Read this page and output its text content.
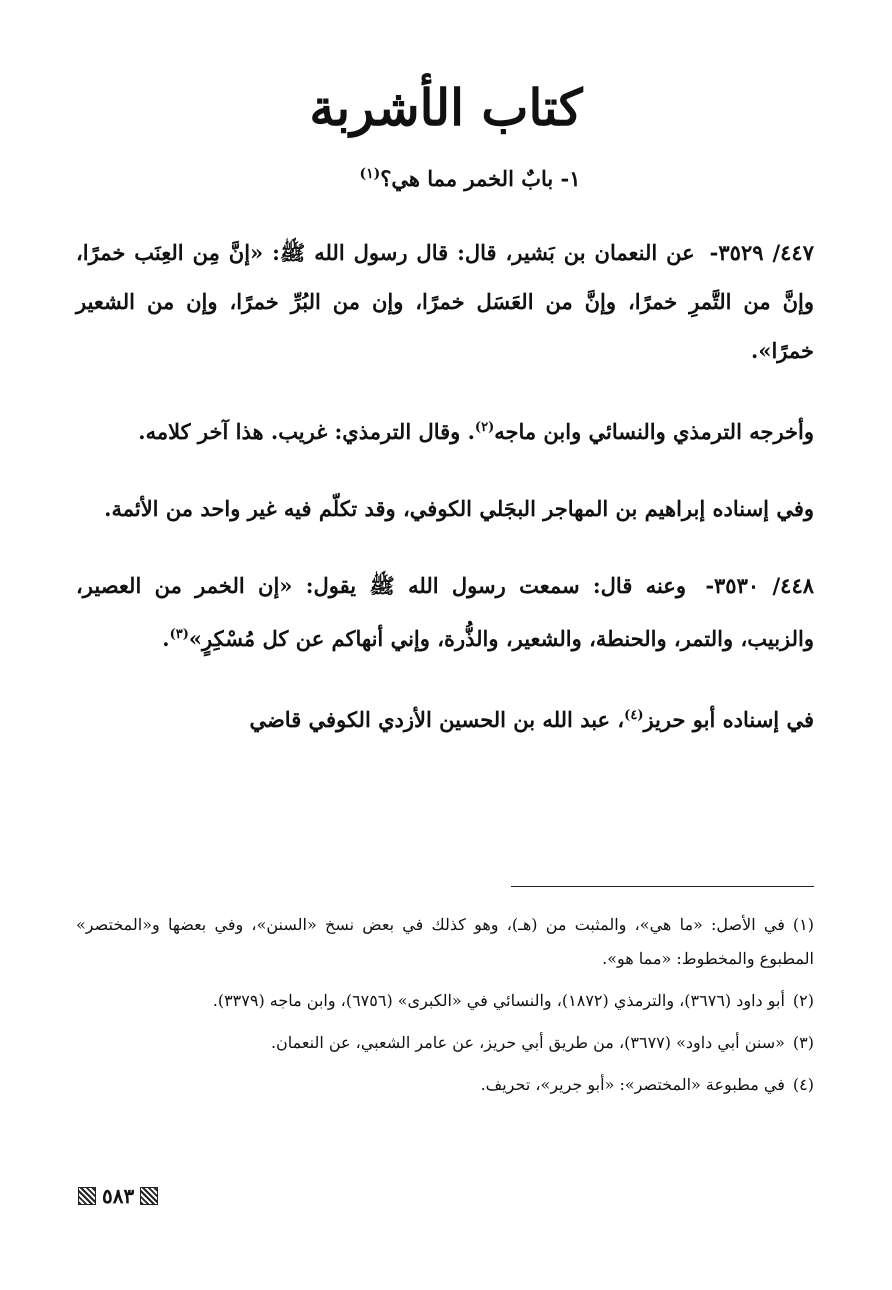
كتاب الأشربة
١- بابٌ الخمر مما هي؟$^{(١)}$

٤٤٧/ ٣٥٢٩- عن النعمان بن بَشير، قال: قال رسول الله ﷺ: «إنَّ مِن العِنَب خمرًا، وإنَّ من التَّمرِ خمرًا، وإنَّ من العَسَل خمرًا، وإن من البُرِّ خمرًا، وإن من الشعير خمرًا».

وأخرجه الترمذي والنسائي وابن ماجه$^{(٢)}$. وقال الترمذي: غريب. هذا آخر كلامه.

وفي إسناده إبراهيم بن المهاجر البجَلي الكوفي، وقد تكلّم فيه غير واحد من الأئمة.

٤٤٨/ ٣٥٣٠- وعنه قال: سمعت رسول الله ﷺ يقول: «إن الخمر من العصير، والزبيب، والتمر، والحنطة، والشعير، والذُّرة، وإني أنهاكم عن كل مُسْكِرٍ»$^{(٣)}$.

في إسناده أبو حريز$^{(٤)}$، عبد الله بن الحسين الأزدي الكوفي قاضي

(١)في الأصل: «ما هي»، والمثبت من (هـ)، وهو كذلك في بعض نسخ «السنن»، وفي بعضها و«المختصر» المطبوع والمخطوط: «مما هو».
(٢)أبو داود (٣٦٧٦)، والترمذي (١٨٧٢)، والنسائي في «الكبرى» (٦٧٥٦)، وابن ماجه (٣٣٧٩).
(٣)«سنن أبي داود» (٣٦٧٧)، من طريق أبي حريز، عن عامر الشعبي، عن النعمان.
(٤)في مطبوعة «المختصر»: «أبو جرير»، تحريف.
٥٨٣
